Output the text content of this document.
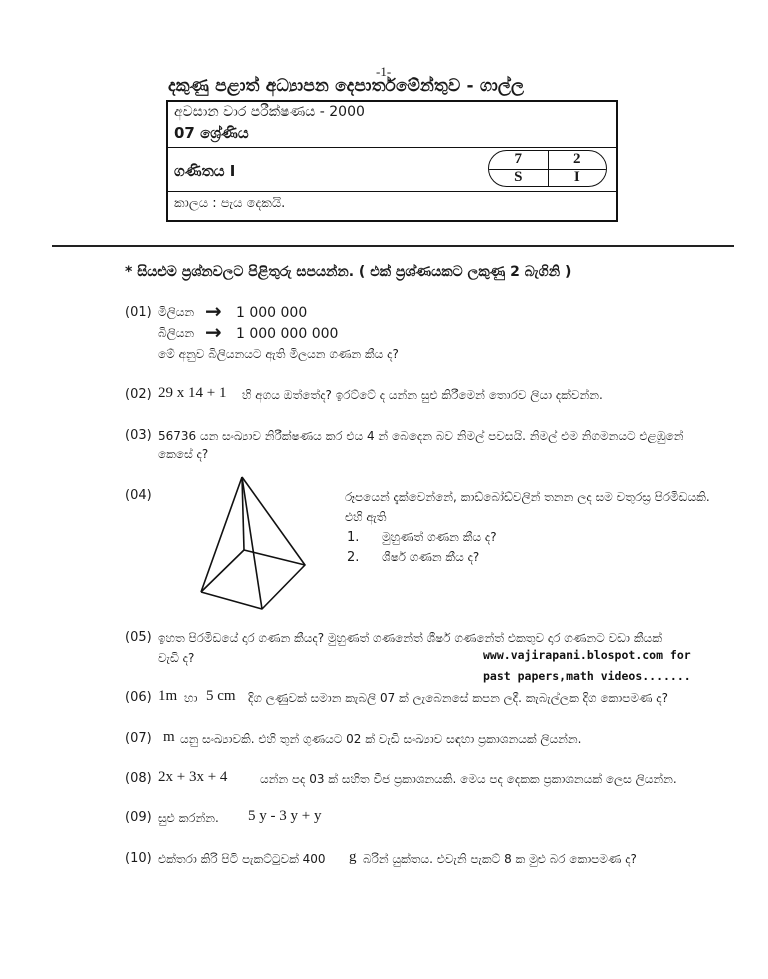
-1-
දකුණු පළාත් අධ්‍යාපන දෙපාර්තමේන්තුව - ගාල්ල
අවසාන වාර පරීක්ෂණය - 2000
07 ශ්‍රේණිය
ගණිතය I
7	2
S	I
කාලය : පැය දෙකයි.
* සියළුම ප්‍රශ්නවලට පිළිතුරු සපයන්න. ( එක් ප්‍රශ්ණයකට ලකුණු 2 බැගිනි )
(01) මිලියන → 1 000 000
බිලියන → 1 000 000 000
මේ අනුව බිලියනයට ඇති මිලයන ගණන කීය ද?
(02) 29 x 14 + 1 හි අගය ඔත්තේද? ඉරට්ටේ ද යන්න සුළු කිරීමෙන් තොරව ලියා දක්වන්න.
(03) 56736 යන සංඛ්‍යාව නිරීක්ෂණය කර එය 4 න් බෙදෙන බව නිමල් පවසයි. නිමල් එම නිගමනයට එළඹුනේ
කෙසේ ද?
(04)	රූපයෙන් දැක්වෙන්නේ, කාඩ්බෝඩ්වලින් තනන ලද සම චතුරස්‍ර පිරමිඩයකි.
එහි ඇති
1. මුහුණත් ගණන කීය ද?
2. ශීර්ෂ ගණන කීය ද?
(05) ඉහත පිරමිඩයේ දාර ගණන කීයද? මුහුණත් ගණනේත් ශීර්ෂ ගණනේත් එකතුව දාර ගණනට වඩා කීයක්
වැඩි ද?	www.vajirapani.blospot.com for
past papers,math videos.......
(06) 1m හා 5 cm දිග ලණුවක් සමාන කැබලි 07 ක් ලැබෙනසේ කපන ලදී. කැබැල්ලක දිග කොපමණ ද?
(07) m යනු සංඛ්‍යාවකි. එහි තුන් ගුණයට 02 ක් වැඩි සංඛ්‍යාව සඳහා ප්‍රකාශනයක් ලියන්න.
(08) 2x + 3x + 4	යන්න පද 03 ක් සහිත වීජ ප්‍රකාශනයකි. මෙය පද දෙකක ප්‍රකාශනයක් ලෙස ලියන්න.
(09) සුළු කරන්න. 5 y - 3 y + y
(10) එක්තරා කිරි පිටි පැකට්ටුවක් 400 g බරින් යුක්තය. එවැනි පැකට් 8 ක මුළු බර කොපමණ ද?
